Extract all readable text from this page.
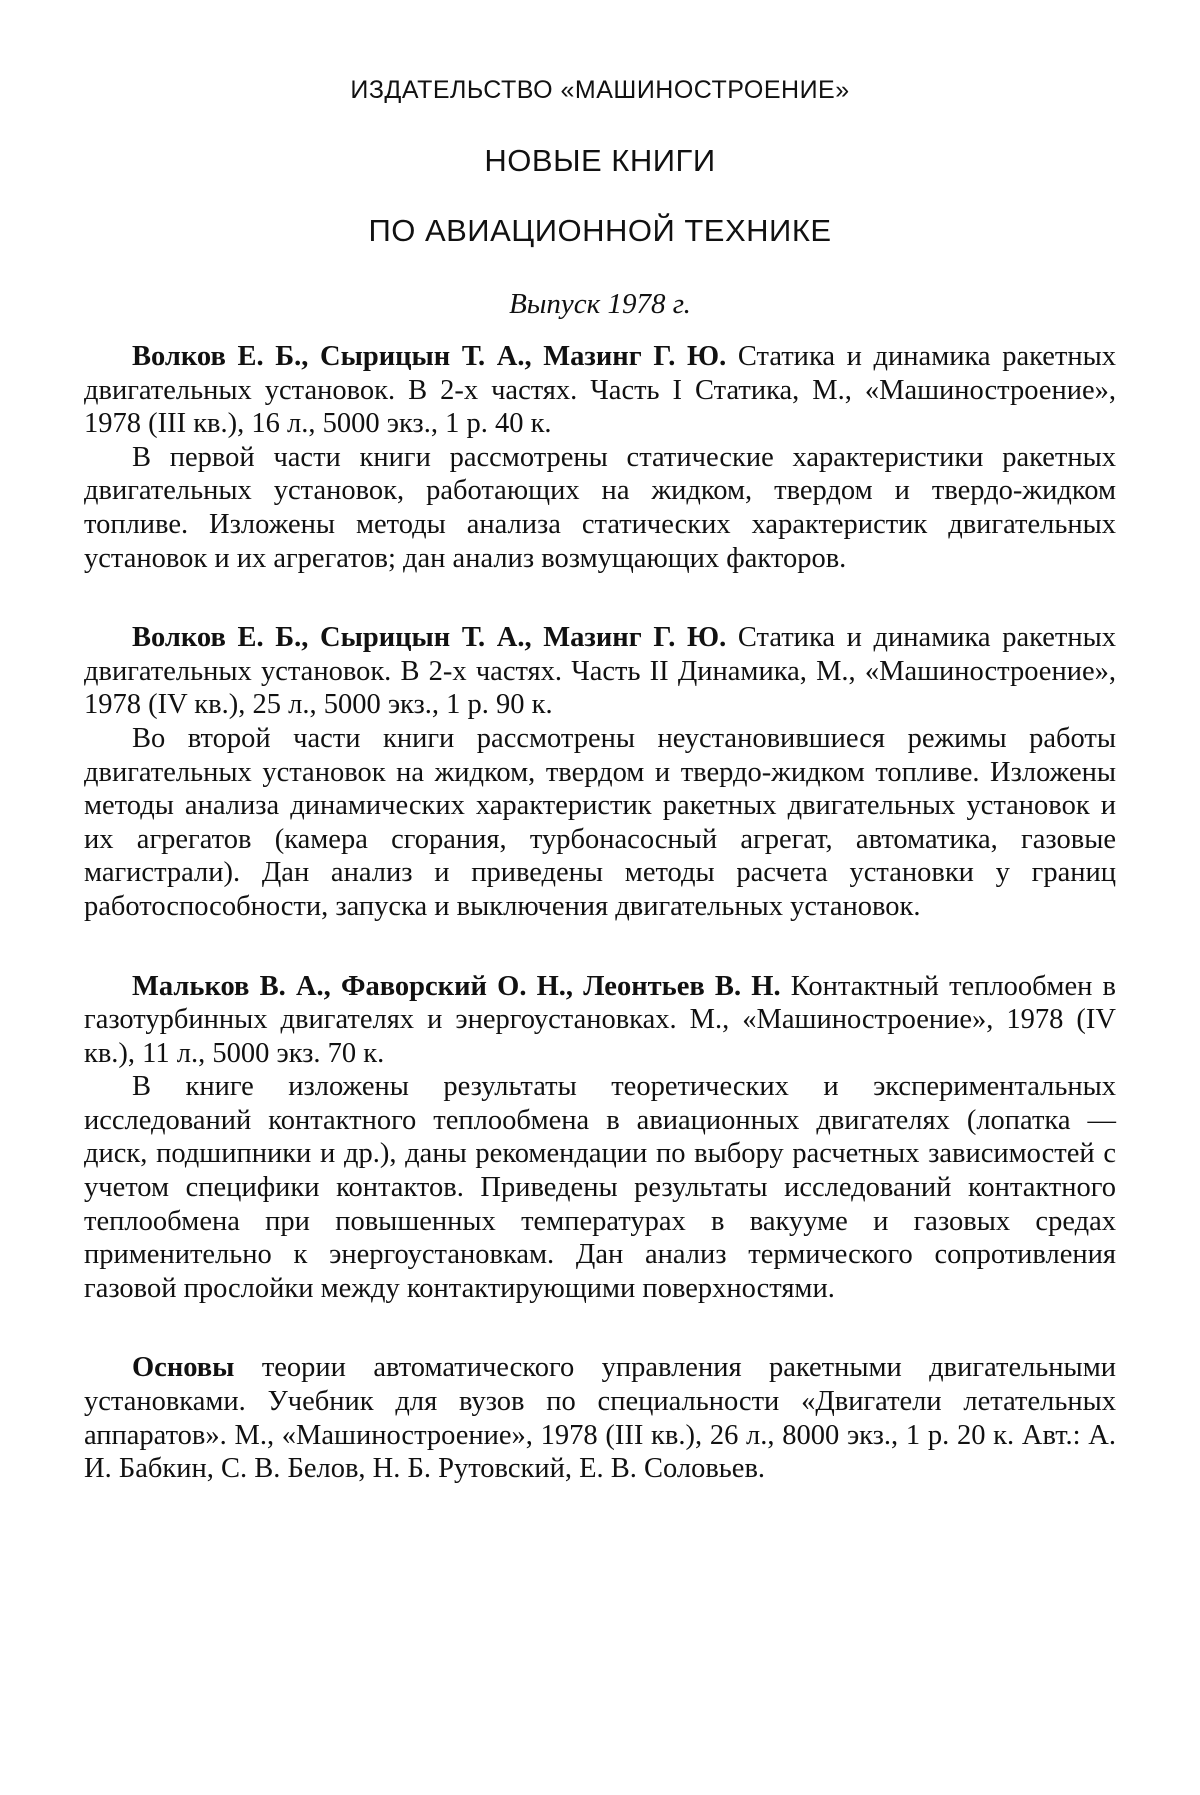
ИЗДАТЕЛЬСТВО «МАШИНОСТРОЕНИЕ»
НОВЫЕ КНИГИ
ПО АВИАЦИОННОЙ ТЕХНИКЕ
Выпуск 1978 г.

Волков Е. Б., Сырицын Т. А., Мазинг Г. Ю. Статика и динамика ракетных двигательных установок. В 2-х частях. Часть I Статика, М., «Машиностроение», 1978 (III кв.), 16 л., 5000 экз., 1 р. 40 к.

В первой части книги рассмотрены статические характеристики ракетных двигательных установок, работающих на жидком, твердом и твердо-жидком топливе. Изложены методы анализа статических характеристик двигательных установок и их агрегатов; дан анализ возмущающих факторов.

Волков Е. Б., Сырицын Т. А., Мазинг Г. Ю. Статика и динамика ракетных двигательных установок. В 2-х частях. Часть II Динамика, М., «Машиностроение», 1978 (IV кв.), 25 л., 5000 экз., 1 р. 90 к.

Во второй части книги рассмотрены неустановившиеся режимы работы двигательных установок на жидком, твердом и твердо-жидком топливе. Изложены методы анализа динамических характеристик ракетных двигательных установок и их агрегатов (камера сгорания, турбонасосный агрегат, автоматика, газовые магистрали). Дан анализ и приведены методы расчета установки у границ работоспособности, запуска и выключения двигательных установок.

Мальков В. А., Фаворский О. Н., Леонтьев В. Н. Контактный теплообмен в газотурбинных двигателях и энергоустановках. М., «Машиностроение», 1978 (IV кв.), 11 л., 5000 экз. 70 к.

В книге изложены результаты теоретических и экспериментальных исследований контактного теплообмена в авиационных двигателях (лопатка — диск, подшипники и др.), даны рекомендации по выбору расчетных зависимостей с учетом специфики контактов. Приведены результаты исследований контактного теплообмена при повышенных температурах в вакууме и газовых средах применительно к энергоустановкам. Дан анализ термического сопротивления газовой прослойки между контактирующими поверхностями.

Основы теории автоматического управления ракетными двигательными установками. Учебник для вузов по специальности «Двигатели летательных аппаратов». М., «Машиностроение», 1978 (III кв.), 26 л., 8000 экз., 1 р. 20 к. Авт.: А. И. Бабкин, С. В. Белов, Н. Б. Рутовский, Е. В. Соловьев.
